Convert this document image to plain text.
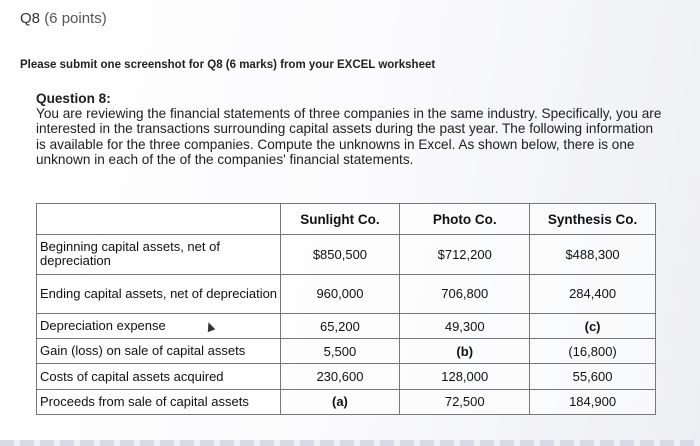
Q8 (6 points)
Please submit one screenshot for Q8 (6 marks) from your EXCEL worksheet
Question 8:
You are reviewing the financial statements of three companies in the same industry. Specifically, you are interested in the transactions surrounding capital assets during the past year. The following information is available for the three companies. Compute the unknowns in Excel. As shown below, there is one unknown in each of the of the companies' financial statements.
	Sunlight Co.	Photo Co.	Synthesis Co.
Beginning capital assets, net of depreciation	$850,500	$712,200	$488,300
Ending capital assets, net of depreciation	960,000	706,800	284,400
Depreciation expense	65,200	49,300	(c)
Gain (loss) on sale of capital assets	5,500	(b)	(16,800)
Costs of capital assets acquired	230,600	128,000	55,600
Proceeds from sale of capital assets	(a)	72,500	184,900
